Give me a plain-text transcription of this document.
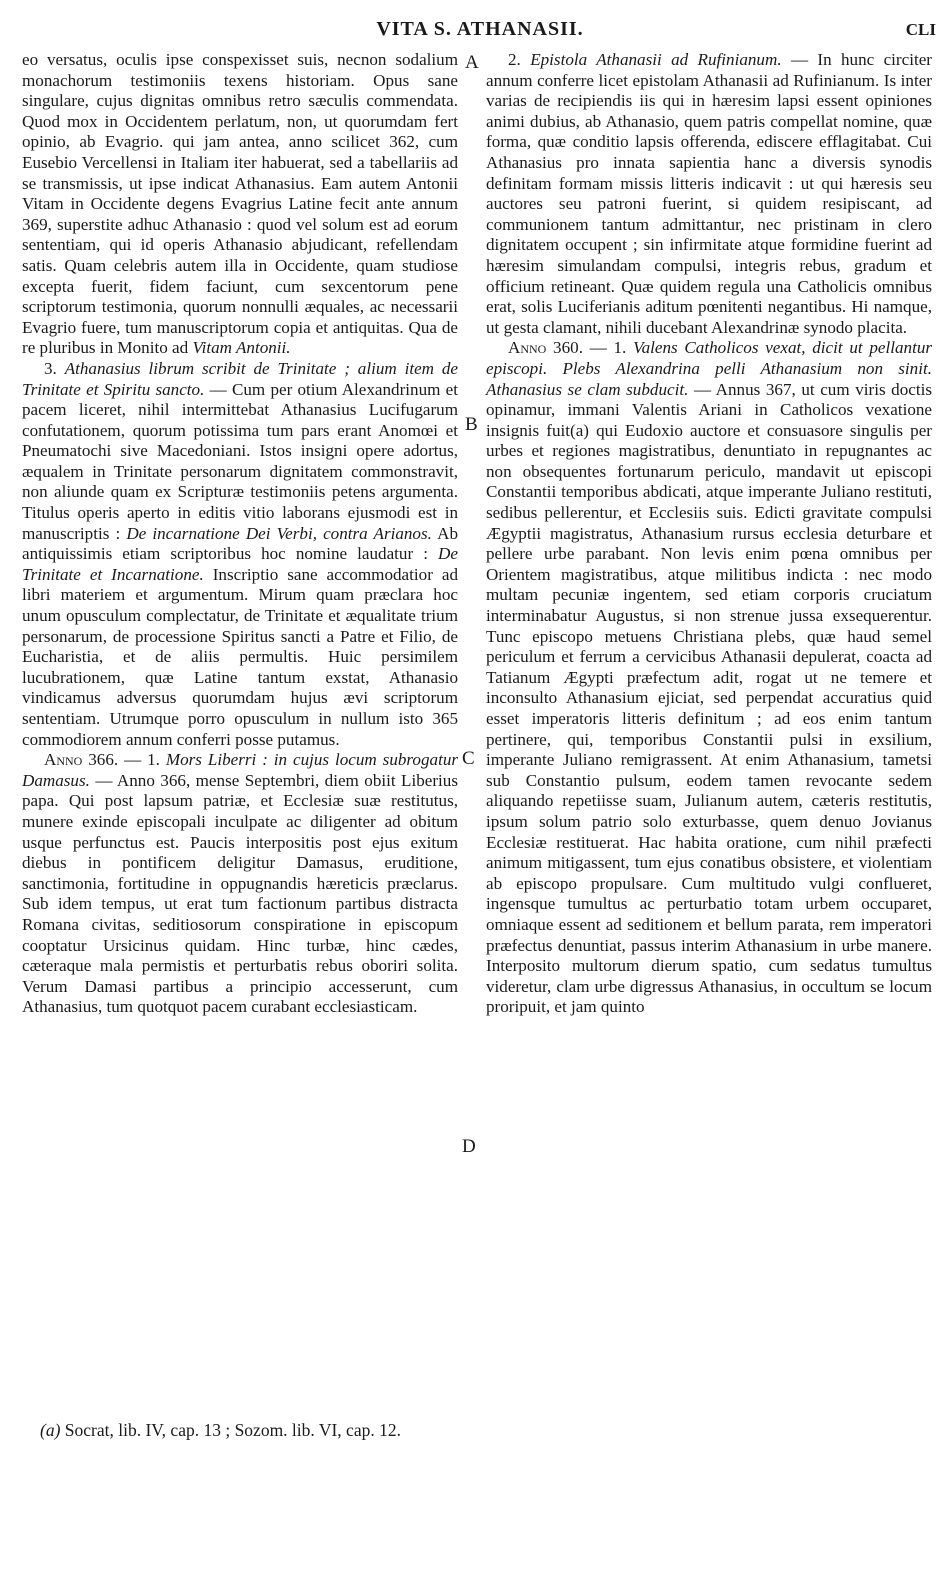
VITA S. ATHANASII.	CLI
A
B
C
D

eo versatus, oculis ipse conspexisset suis, necnon sodalium monachorum testimoniis texens historiam. Opus sane singulare, cujus dignitas omnibus retro sæculis commendata. Quod mox in Occidentem perlatum, non, ut quorumdam fert opinio, ab Evagrio. qui jam antea, anno scilicet 362, cum Eusebio Vercellensi in Italiam iter habuerat, sed a tabellariis ad se transmissis, ut ipse indicat Athanasius. Eam autem Antonii Vitam in Occidente degens Evagrius Latine fecit ante annum 369, superstite adhuc Athanasio : quod vel solum est ad eorum sententiam, qui id operis Athanasio abjudicant, refellendam satis. Quam celebris autem illa in Occidente, quam studiose excepta fuerit, fidem faciunt, cum sexcentorum pene scriptorum testimonia, quorum nonnulli æquales, ac necessarii Evagrio fuere, tum manuscriptorum copia et antiquitas. Qua de re pluribus in Monito ad Vitam Antonii.

3. Athanasius librum scribit de Trinitate ; alium item de Trinitate et Spiritu sancto. — Cum per otium Alexandrinum et pacem liceret, nihil intermittebat Athanasius Lucifugarum confutationem, quorum potissima tum pars erant Anomœi et Pneumatochi sive Macedoniani. Istos insigni opere adortus, æqualem in Trinitate personarum dignitatem commonstravit, non aliunde quam ex Scripturæ testimoniis petens argumenta. Titulus operis aperto in editis vitio laborans ejusmodi est in manuscriptis : De incarnatione Dei Verbi, contra Arianos. Ab antiquissimis etiam scriptoribus hoc nomine laudatur : De Trinitate et Incarnatione. Inscriptio sane accommodatior ad libri materiem et argumentum. Mirum quam præclara hoc unum opusculum complectatur, de Trinitate et æqualitate trium personarum, de processione Spiritus sancti a Patre et Filio, de Eucharistia, et de aliis permultis. Huic persimilem lucubrationem, quæ Latine tantum exstat, Athanasio vindicamus adversus quorumdam hujus ævi scriptorum sententiam. Utrumque porro opusculum in nullum isto 365 commodiorem annum conferri posse putamus.

Anno 366. — 1. Mors Liberri : in cujus locum subrogatur Damasus. — Anno 366, mense Septembri, diem obiit Liberius papa. Qui post lapsum patriæ, et Ecclesiæ suæ restitutus, munere exinde episcopali inculpate ac diligenter ad obitum usque perfunctus est. Paucis interpositis post ejus exitum diebus in pontificem deligitur Damasus, eruditione, sanctimonia, fortitudine in oppugnandis hæreticis præclarus. Sub idem tempus, ut erat tum factionum partibus distracta Romana civitas, seditiosorum conspiratione in episcopum cooptatur Ursicinus quidam. Hinc turbæ, hinc cædes, cæteraque mala permistis et perturbatis rebus oboriri solita. Verum Damasi partibus a principio accesserunt, cum Athanasius, tum quotquot pacem curabant ecclesiasticam.

2. Epistola Athanasii ad Rufinianum. — In hunc circiter annum conferre licet epistolam Athanasii ad Rufinianum. Is inter varias de recipiendis iis qui in hæresim lapsi essent opiniones animi dubius, ab Athanasio, quem patris compellat nomine, quæ forma, quæ conditio lapsis offerenda, ediscere efflagitabat. Cui Athanasius pro innata sapientia hanc a diversis synodis definitam formam missis litteris indicavit : ut qui hæresis seu auctores seu patroni fuerint, si quidem resipiscant, ad communionem tantum admittantur, nec pristinam in clero dignitatem occupent ; sin infirmitate atque formidine fuerint ad hæresim simulandam compulsi, integris rebus, gradum et officium retineant. Quæ quidem regula una Catholicis omnibus erat, solis Luciferianis aditum pœnitenti negantibus. Hi namque, ut gesta clamant, nihili ducebant Alexandrinæ synodo placita.

Anno 360. — 1. Valens Catholicos vexat, dicit ut pellantur episcopi. Plebs Alexandrina pelli Athanasium non sinit. Athanasius se clam subducit. — Annus 367, ut cum viris doctis opinamur, immani Valentis Ariani in Catholicos vexatione insignis fuit(a) qui Eudoxio auctore et consuasore singulis per urbes et regiones magistratibus, denuntiato in repugnantes ac non obsequentes fortunarum periculo, mandavit ut episcopi Constantii temporibus abdicati, atque imperante Juliano restituti, sedibus pellerentur, et Ecclesiis suis. Edicti gravitate compulsi Ægyptii magistratus, Athanasium rursus ecclesia deturbare et pellere urbe parabant. Non levis enim pœna omnibus per Orientem magistratibus, atque militibus indicta : nec modo multam pecuniæ ingentem, sed etiam corporis cruciatum interminabatur Augustus, si non strenue jussa exsequerentur. Tunc episcopo metuens Christiana plebs, quæ haud semel periculum et ferrum a cervicibus Athanasii depulerat, coacta ad Tatianum Ægypti præfectum adit, rogat ut ne temere et inconsulto Athanasium ejiciat, sed perpendat accuratius quid esset imperatoris litteris definitum ; ad eos enim tantum pertinere, qui, temporibus Constantii pulsi in exsilium, imperante Juliano remigrassent. At enim Athanasium, tametsi sub Constantio pulsum, eodem tamen revocante sedem aliquando repetiisse suam, Julianum autem, cæteris restitutis, ipsum solum patrio solo exturbasse, quem denuo Jovianus Ecclesiæ restituerat. Hac habita oratione, cum nihil præfecti animum mitigassent, tum ejus conatibus obsistere, et violentiam ab episcopo propulsare. Cum multitudo vulgi conflueret, ingensque tumultus ac perturbatio totam urbem occuparet, omniaque essent ad seditionem et bellum parata, rem imperatori præfectus denuntiat, passus interim Athanasium in urbe manere. Interposito multorum dierum spatio, cum sedatus tumultus videretur, clam urbe digressus Athanasius, in occultum se locum proripuit, et jam quinto

(a) Socrat, lib. IV, cap. 13 ; Sozom. lib. VI, cap. 12.
